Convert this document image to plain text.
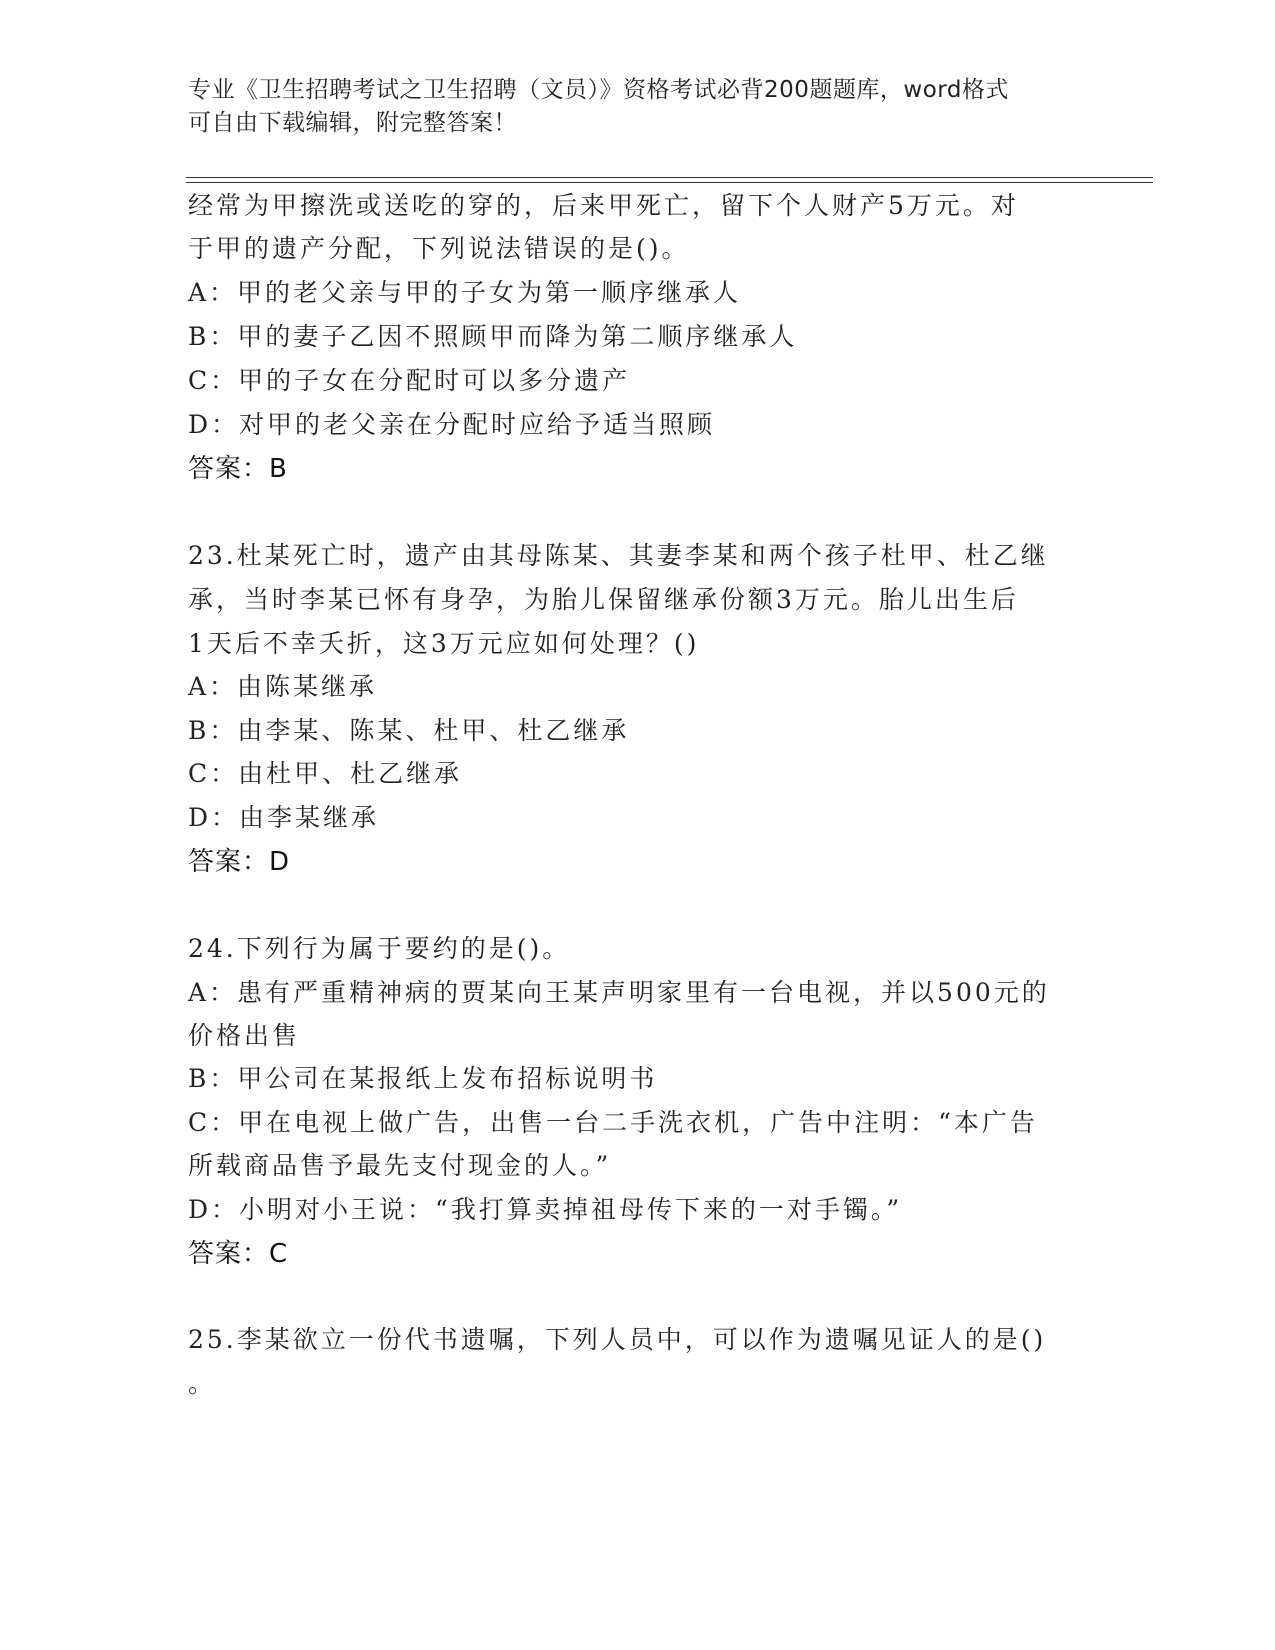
专业《卫生招聘考试之卫生招聘（文员）》资格考试必背200题题库，word格式
可自由下载编辑，附完整答案！
经常为甲擦洗或送吃的穿的，后来甲死亡，留下个人财产5万元。对
于甲的遗产分配，下列说法错误的是()。
A：甲的老父亲与甲的子女为第一顺序继承人
B：甲的妻子乙因不照顾甲而降为第二顺序继承人
C：甲的子女在分配时可以多分遗产
D：对甲的老父亲在分配时应给予适当照顾
答案：B
23.杜某死亡时，遗产由其母陈某、其妻李某和两个孩子杜甲、杜乙继
承，当时李某已怀有身孕，为胎儿保留继承份额3万元。胎儿出生后
1天后不幸夭折，这3万元应如何处理？()
A：由陈某继承
B：由李某、陈某、杜甲、杜乙继承
C：由杜甲、杜乙继承
D：由李某继承
答案：D
24.下列行为属于要约的是()。
A：患有严重精神病的贾某向王某声明家里有一台电视，并以500元的
价格出售
B：甲公司在某报纸上发布招标说明书
C：甲在电视上做广告，出售一台二手洗衣机，广告中注明：“本广告
所载商品售予最先支付现金的人。”
D：小明对小王说：“我打算卖掉祖母传下来的一对手镯。”
答案：C
25.李某欲立一份代书遗嘱，下列人员中，可以作为遗嘱见证人的是()
。
